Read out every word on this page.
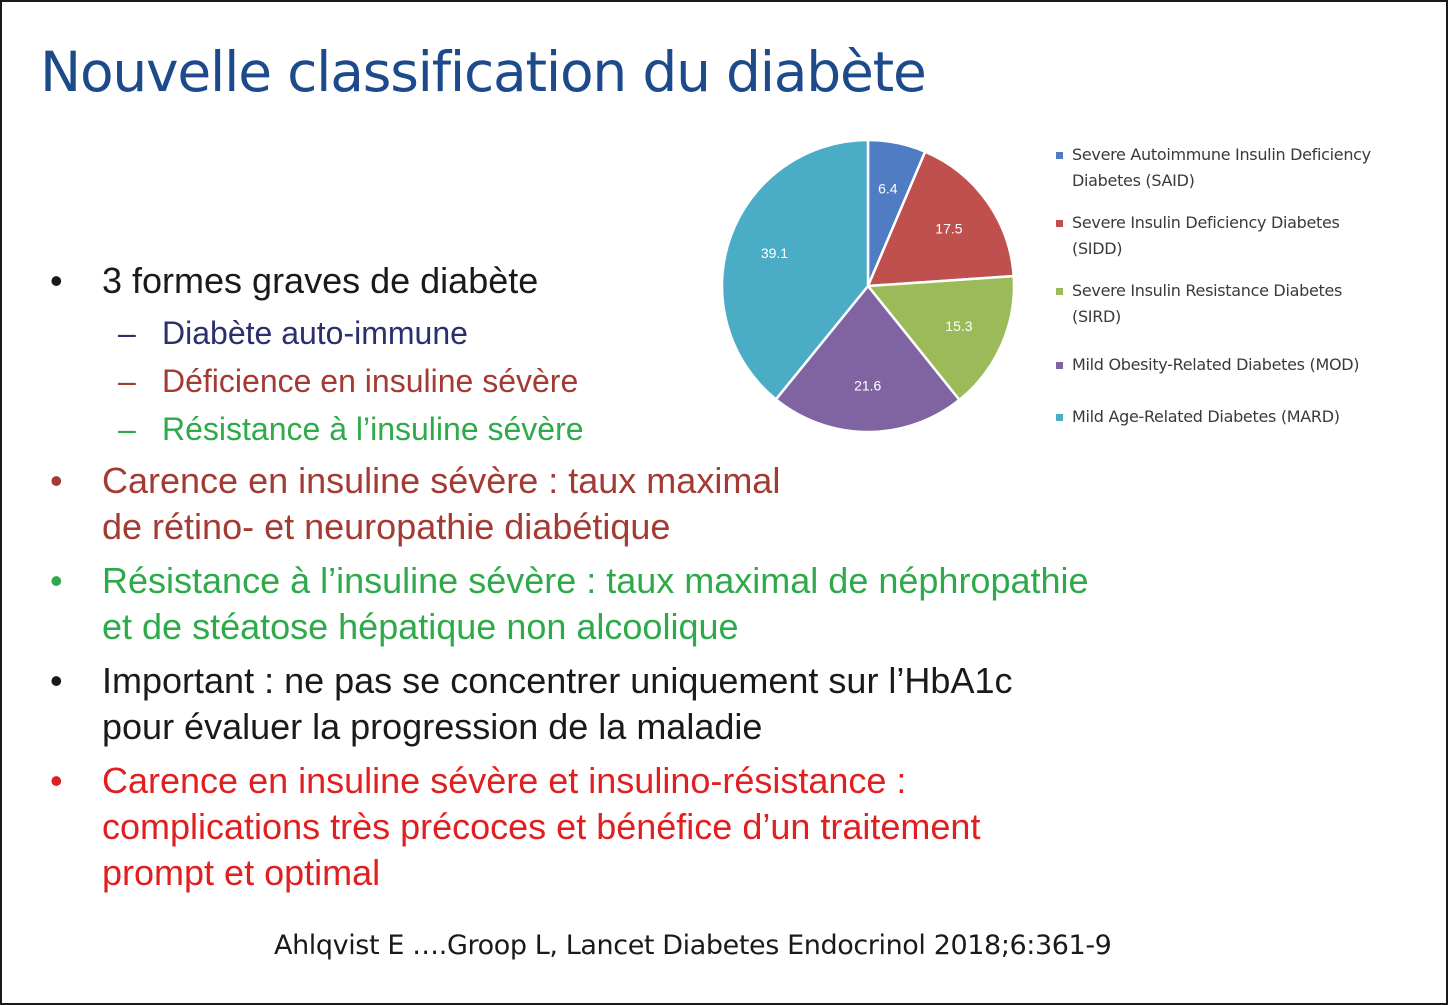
Nouvelle classification du diabète
6.4
17.5
15.3
21.6
39.1
Severe Autoimmune Insulin Deficiency
Diabetes (SAID)
Severe Insulin Deficiency Diabetes
(SIDD)
Severe Insulin Resistance Diabetes
(SIRD)
Mild Obesity-Related Diabetes (MOD)
Mild Age-Related Diabetes (MARD)
•	3 formes graves de diabète
– Diabète auto-immune
– Déficience en insuline sévère
– Résistance à l’insuline sévère
•	Carence en insuline sévère : taux maximal
de rétino- et neuropathie diabétique
•	Résistance à l’insuline sévère : taux maximal de néphropathie
et de stéatose hépatique non alcoolique
•	Important : ne pas se concentrer uniquement sur l’HbA1c
pour évaluer la progression de la maladie
•	Carence en insuline sévère et insulino-résistance :
complications très précoces et bénéfice d’un traitement
prompt et optimal
Ahlqvist E ….Groop L, Lancet Diabetes Endocrinol 2018;6:361-9
